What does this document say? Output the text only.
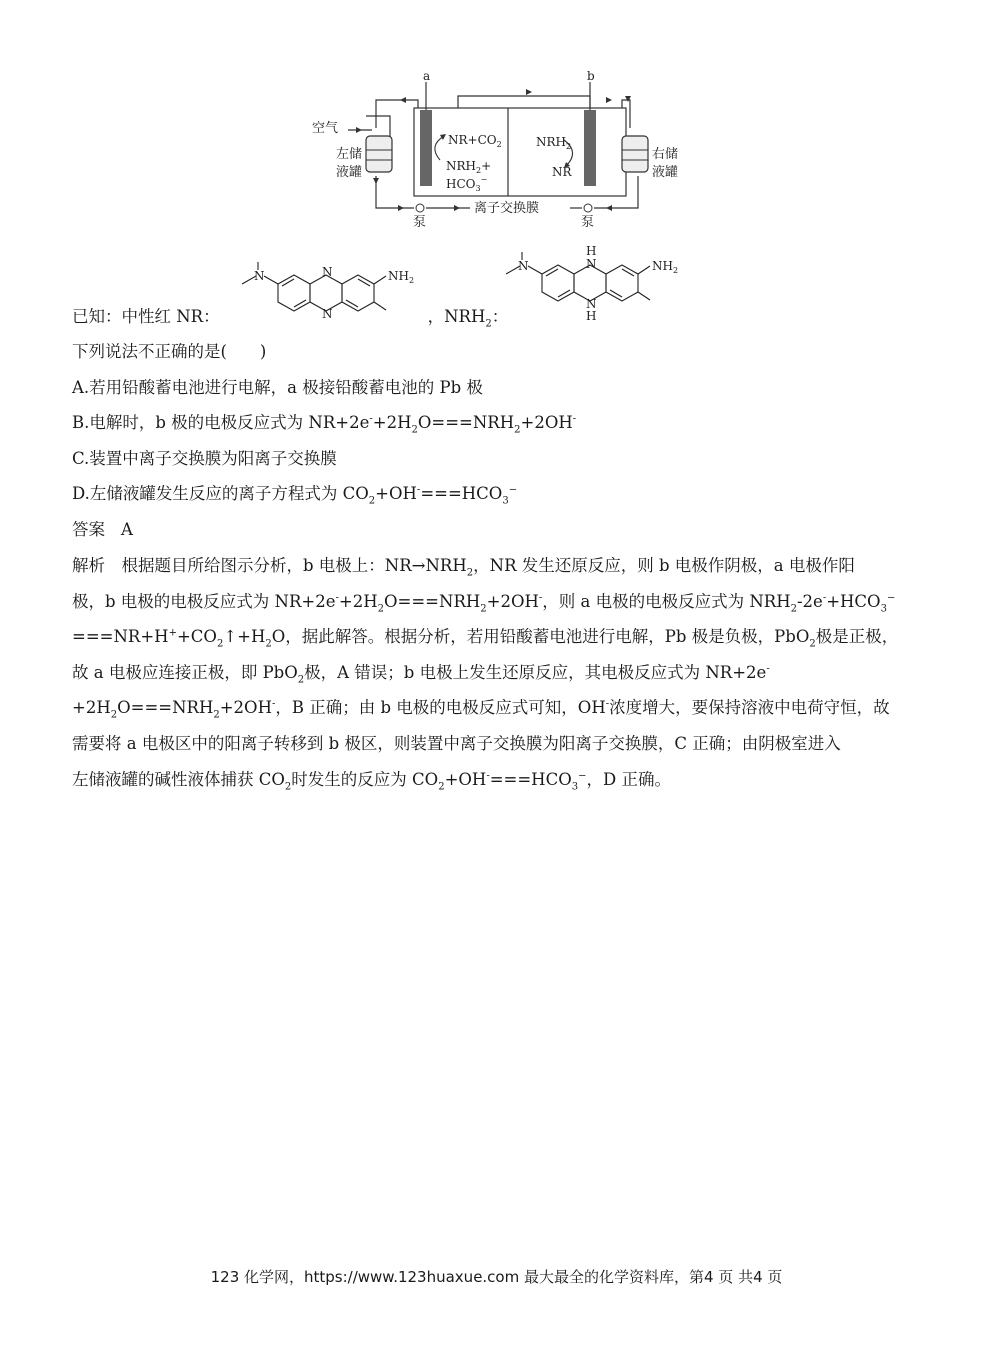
a	b
空气
左储
液罐
右储
液罐
泵	泵
离子交换膜
$NR+CO_2$
$NRH_2+$
$HCO_3^-$
$NRH_2$
NR
N	N
N
$NH_2$
N
H
N
N
H
$NH_2$
已知：中性红 NR：	，$NRH_2$：
下列说法不正确的是(　　)
A.若用铅酸蓄电池进行电解，a 极接铅酸蓄电池的 Pb 极
B.电解时，b 极的电极反应式为 $NR+2e^-+2H_2O===NRH_2+2OH^-$
C.装置中离子交换膜为阳离子交换膜
D.左储液罐发生反应的离子方程式为 $CO_2+OH^-===HCO_3^-$
答案 A
解析　根据题目所给图示分析，b 电极上：$NR\to NRH_2$，NR 发生还原反应，则 b 电极作阴极，a 电极作阳
极，b 电极的电极反应式为 $NR+2e^-+2H_2O===NRH_2+2OH^-$，则 a 电极的电极反应式为 $NRH_2-2e^-+HCO_3^-$
$===NR+H^++CO_2↑+H_2O$，据此解答。根据分析，若用铅酸蓄电池进行电解，Pb 极是负极，PbO$_2$极是正极，
故 a 电极应连接正极，即 PbO$_2$极，A 错误；b 电极上发生还原反应，其电极反应式为 NR+2e-
$+2H_2O===NRH_2+2OH^-$，B 正确；由 b 电极的电极反应式可知，OH-浓度增大，要保持溶液中电荷守恒，故
需要将 a 电极区中的阳离子转移到 b 极区，则装置中离子交换膜为阳离子交换膜，C 正确；由阴极室进入
左储液罐的碱性液体捕获 $CO_2$时发生的反应为 $CO_2+OH^-===HCO_3^-$，D 正确。
123 化学网，https://www.123huaxue.com 最大最全的化学资料库，第4 页 共4 页
